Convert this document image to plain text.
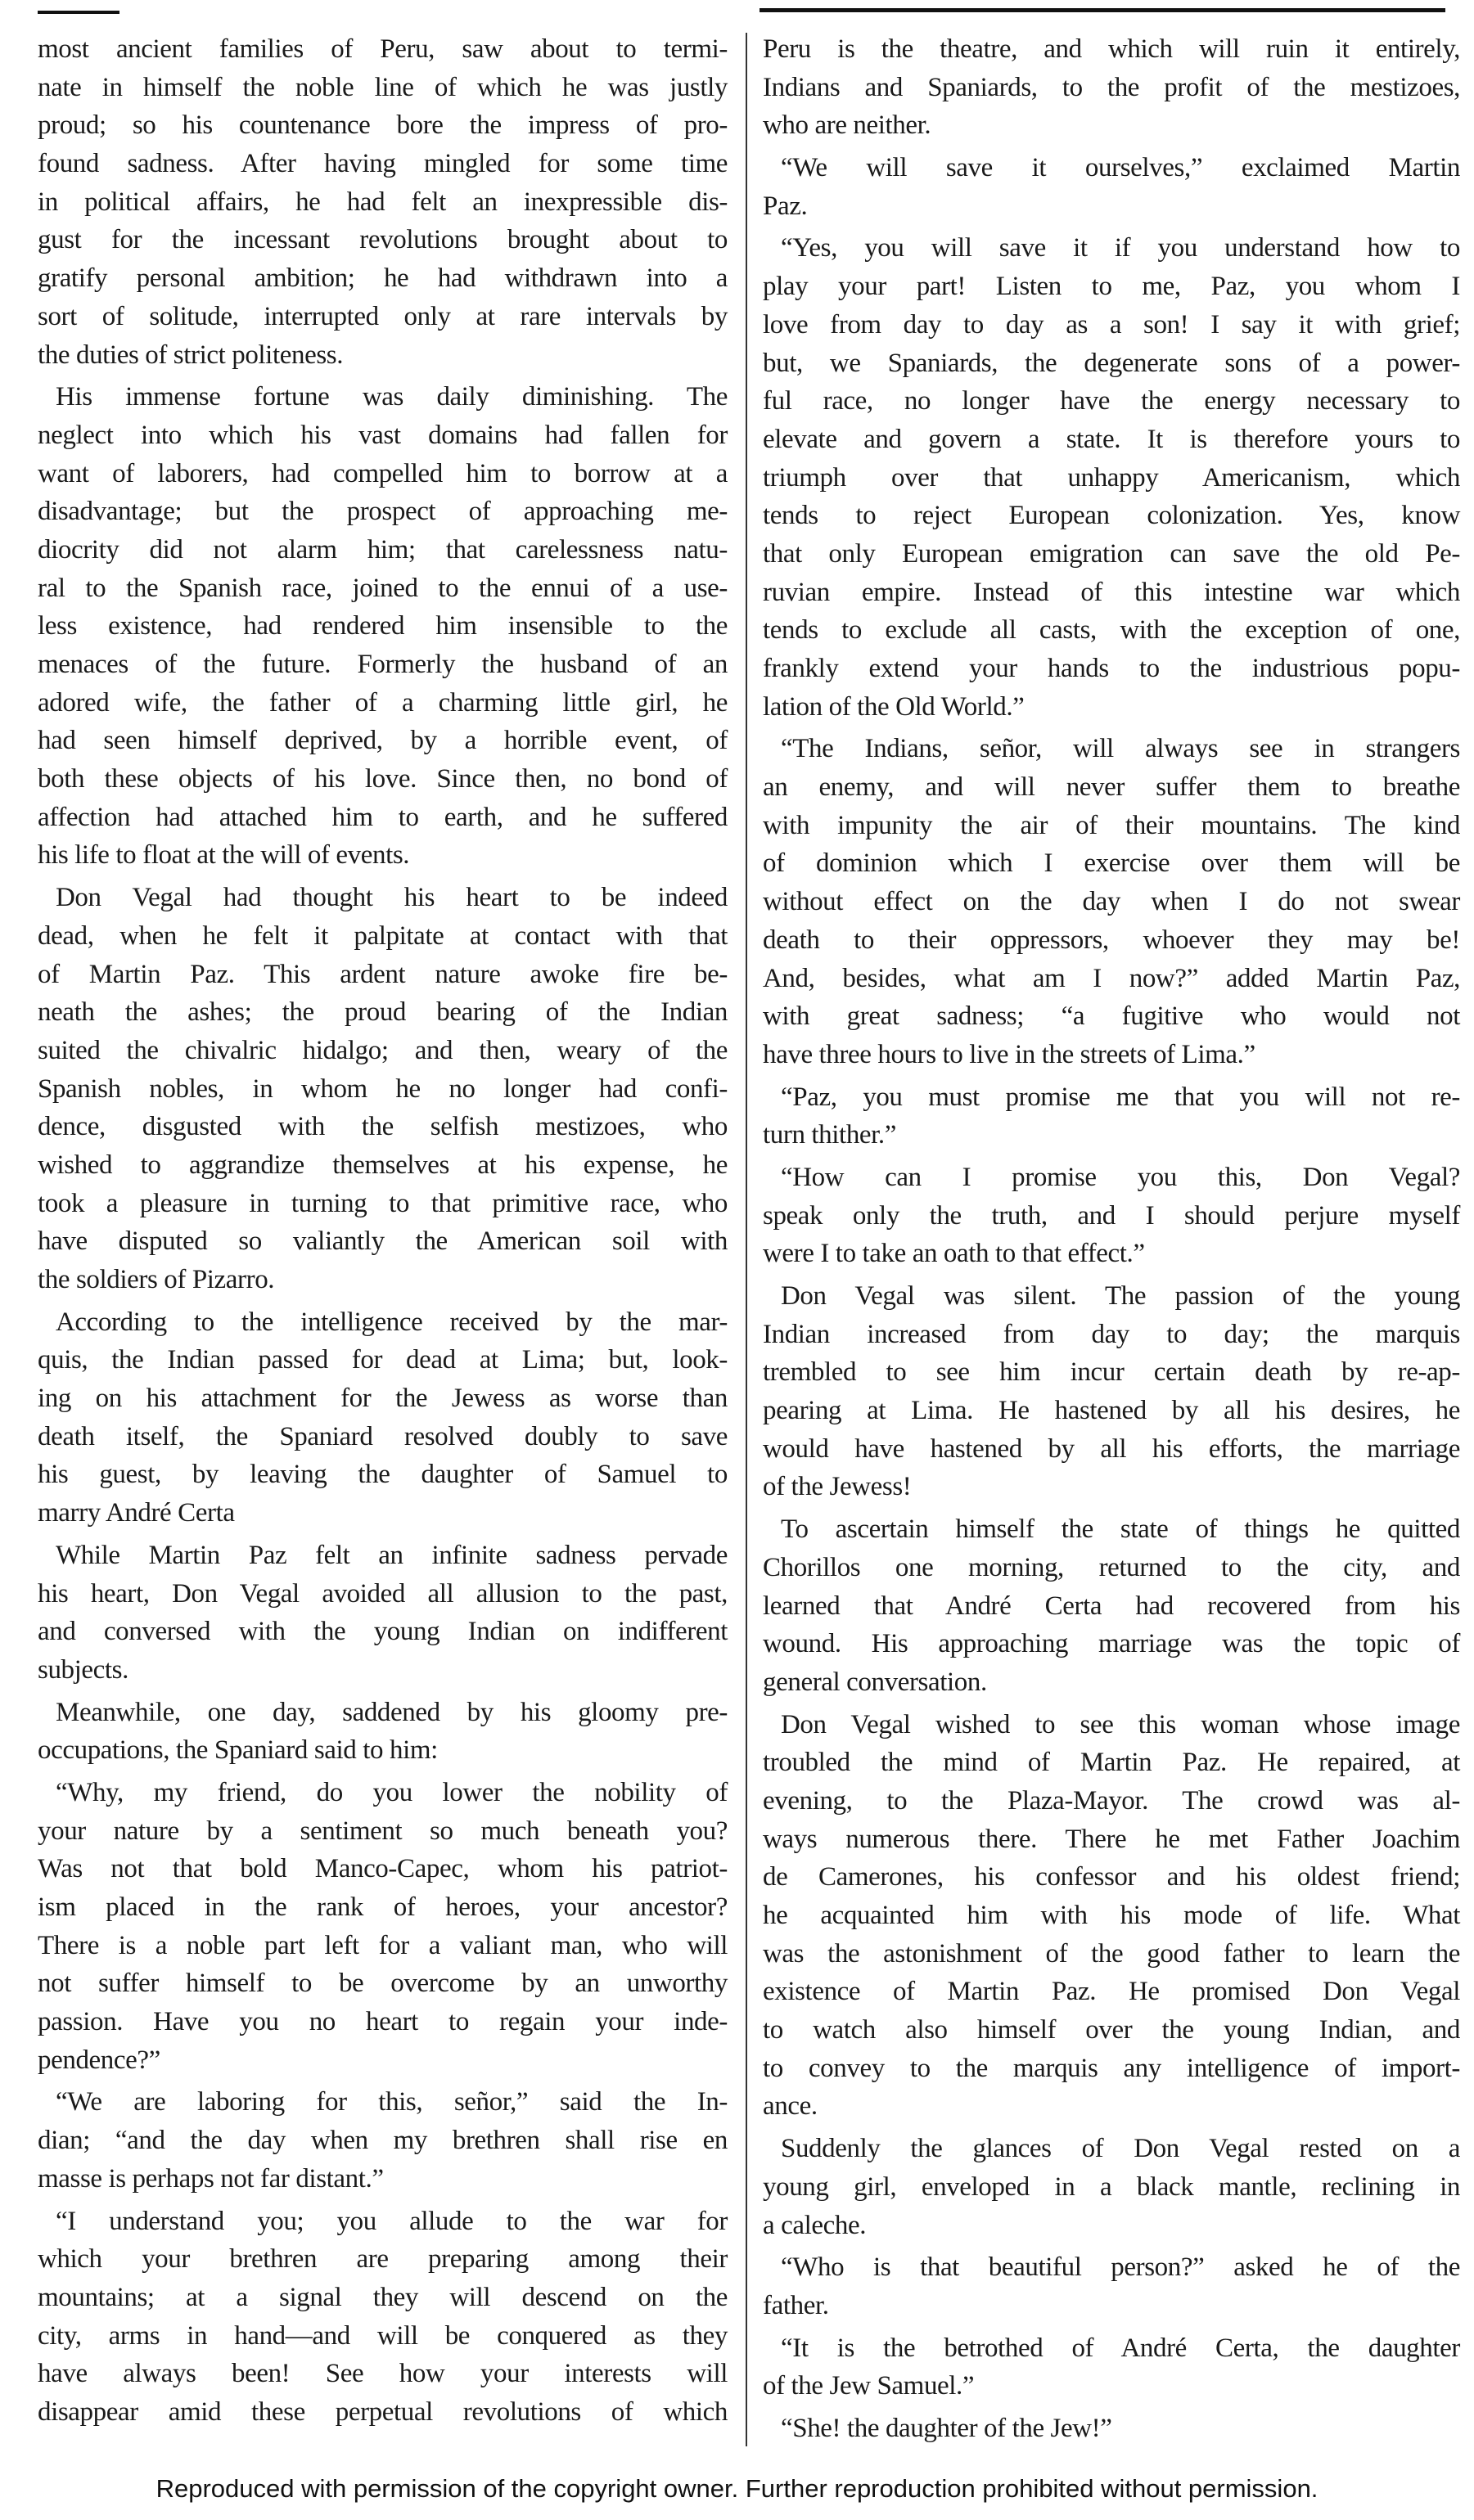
most ancient families of Peru, saw about to termi-
nate in himself the noble line of which he was justly
proud; so his countenance bore the impress of pro-
found sadness. After having mingled for some time
in political affairs, he had felt an inexpressible dis-
gust for the incessant revolutions brought about to
gratify personal ambition; he had withdrawn into a
sort of solitude, interrupted only at rare intervals by
the duties of strict politeness.
His immense fortune was daily diminishing. The
neglect into which his vast domains had fallen for
want of laborers, had compelled him to borrow at a
disadvantage; but the prospect of approaching me-
diocrity did not alarm him; that carelessness natu-
ral to the Spanish race, joined to the ennui of a use-
less existence, had rendered him insensible to the
menaces of the future. Formerly the husband of an
adored wife, the father of a charming little girl, he
had seen himself deprived, by a horrible event, of
both these objects of his love. Since then, no bond of
affection had attached him to earth, and he suffered
his life to float at the will of events.
Don Vegal had thought his heart to be indeed
dead, when he felt it palpitate at contact with that
of Martin Paz. This ardent nature awoke fire be-
neath the ashes; the proud bearing of the Indian
suited the chivalric hidalgo; and then, weary of the
Spanish nobles, in whom he no longer had confi-
dence, disgusted with the selfish mestizoes, who
wished to aggrandize themselves at his expense, he
took a pleasure in turning to that primitive race, who
have disputed so valiantly the American soil with
the soldiers of Pizarro.
According to the intelligence received by the mar-
quis, the Indian passed for dead at Lima; but, look-
ing on his attachment for the Jewess as worse than
death itself, the Spaniard resolved doubly to save
his guest, by leaving the daughter of Samuel to
marry André Certa
While Martin Paz felt an infinite sadness pervade
his heart, Don Vegal avoided all allusion to the past,
and conversed with the young Indian on indifferent
subjects.
Meanwhile, one day, saddened by his gloomy pre-
occupations, the Spaniard said to him:
“Why, my friend, do you lower the nobility of
your nature by a sentiment so much beneath you?
Was not that bold Manco-Capec, whom his patriot-
ism placed in the rank of heroes, your ancestor?
There is a noble part left for a valiant man, who will
not suffer himself to be overcome by an unworthy
passion. Have you no heart to regain your inde-
pendence?”
“We are laboring for this, señor,” said the In-
dian; “and the day when my brethren shall rise en
masse is perhaps not far distant.”
“I understand you; you allude to the war for
which your brethren are preparing among their
mountains; at a signal they will descend on the
city, arms in hand—and will be conquered as they
have always been! See how your interests will
disappear amid these perpetual revolutions of which
Peru is the theatre, and which will ruin it entirely,
Indians and Spaniards, to the profit of the mestizoes,
who are neither.
“We will save it ourselves,” exclaimed Martin
Paz.
“Yes, you will save it if you understand how to
play your part! Listen to me, Paz, you whom I
love from day to day as a son! I say it with grief;
but, we Spaniards, the degenerate sons of a power-
ful race, no longer have the energy necessary to
elevate and govern a state. It is therefore yours to
triumph over that unhappy Americanism, which
tends to reject European colonization. Yes, know
that only European emigration can save the old Pe-
ruvian empire. Instead of this intestine war which
tends to exclude all casts, with the exception of one,
frankly extend your hands to the industrious popu-
lation of the Old World.”
“The Indians, señor, will always see in strangers
an enemy, and will never suffer them to breathe
with impunity the air of their mountains. The kind
of dominion which I exercise over them will be
without effect on the day when I do not swear
death to their oppressors, whoever they may be!
And, besides, what am I now?” added Martin Paz,
with great sadness; “a fugitive who would not
have three hours to live in the streets of Lima.”
“Paz, you must promise me that you will not re-
turn thither.”
“How can I promise you this, Don Vegal?
speak only the truth, and I should perjure myself
were I to take an oath to that effect.”
Don Vegal was silent. The passion of the young
Indian increased from day to day; the marquis
trembled to see him incur certain death by re-ap-
pearing at Lima. He hastened by all his desires, he
would have hastened by all his efforts, the marriage
of the Jewess!
To ascertain himself the state of things he quitted
Chorillos one morning, returned to the city, and
learned that André Certa had recovered from his
wound. His approaching marriage was the topic of
general conversation.
Don Vegal wished to see this woman whose image
troubled the mind of Martin Paz. He repaired, at
evening, to the Plaza-Mayor. The crowd was al-
ways numerous there. There he met Father Joachim
de Camerones, his confessor and his oldest friend;
he acquainted him with his mode of life. What
was the astonishment of the good father to learn the
existence of Martin Paz. He promised Don Vegal
to watch also himself over the young Indian, and
to convey to the marquis any intelligence of import-
ance.
Suddenly the glances of Don Vegal rested on a
young girl, enveloped in a black mantle, reclining in
a caleche.
“Who is that beautiful person?” asked he of the
father.
“It is the betrothed of André Certa, the daughter
of the Jew Samuel.”
“She! the daughter of the Jew!”
Reproduced with permission of the copyright owner. Further reproduction prohibited without permission.
